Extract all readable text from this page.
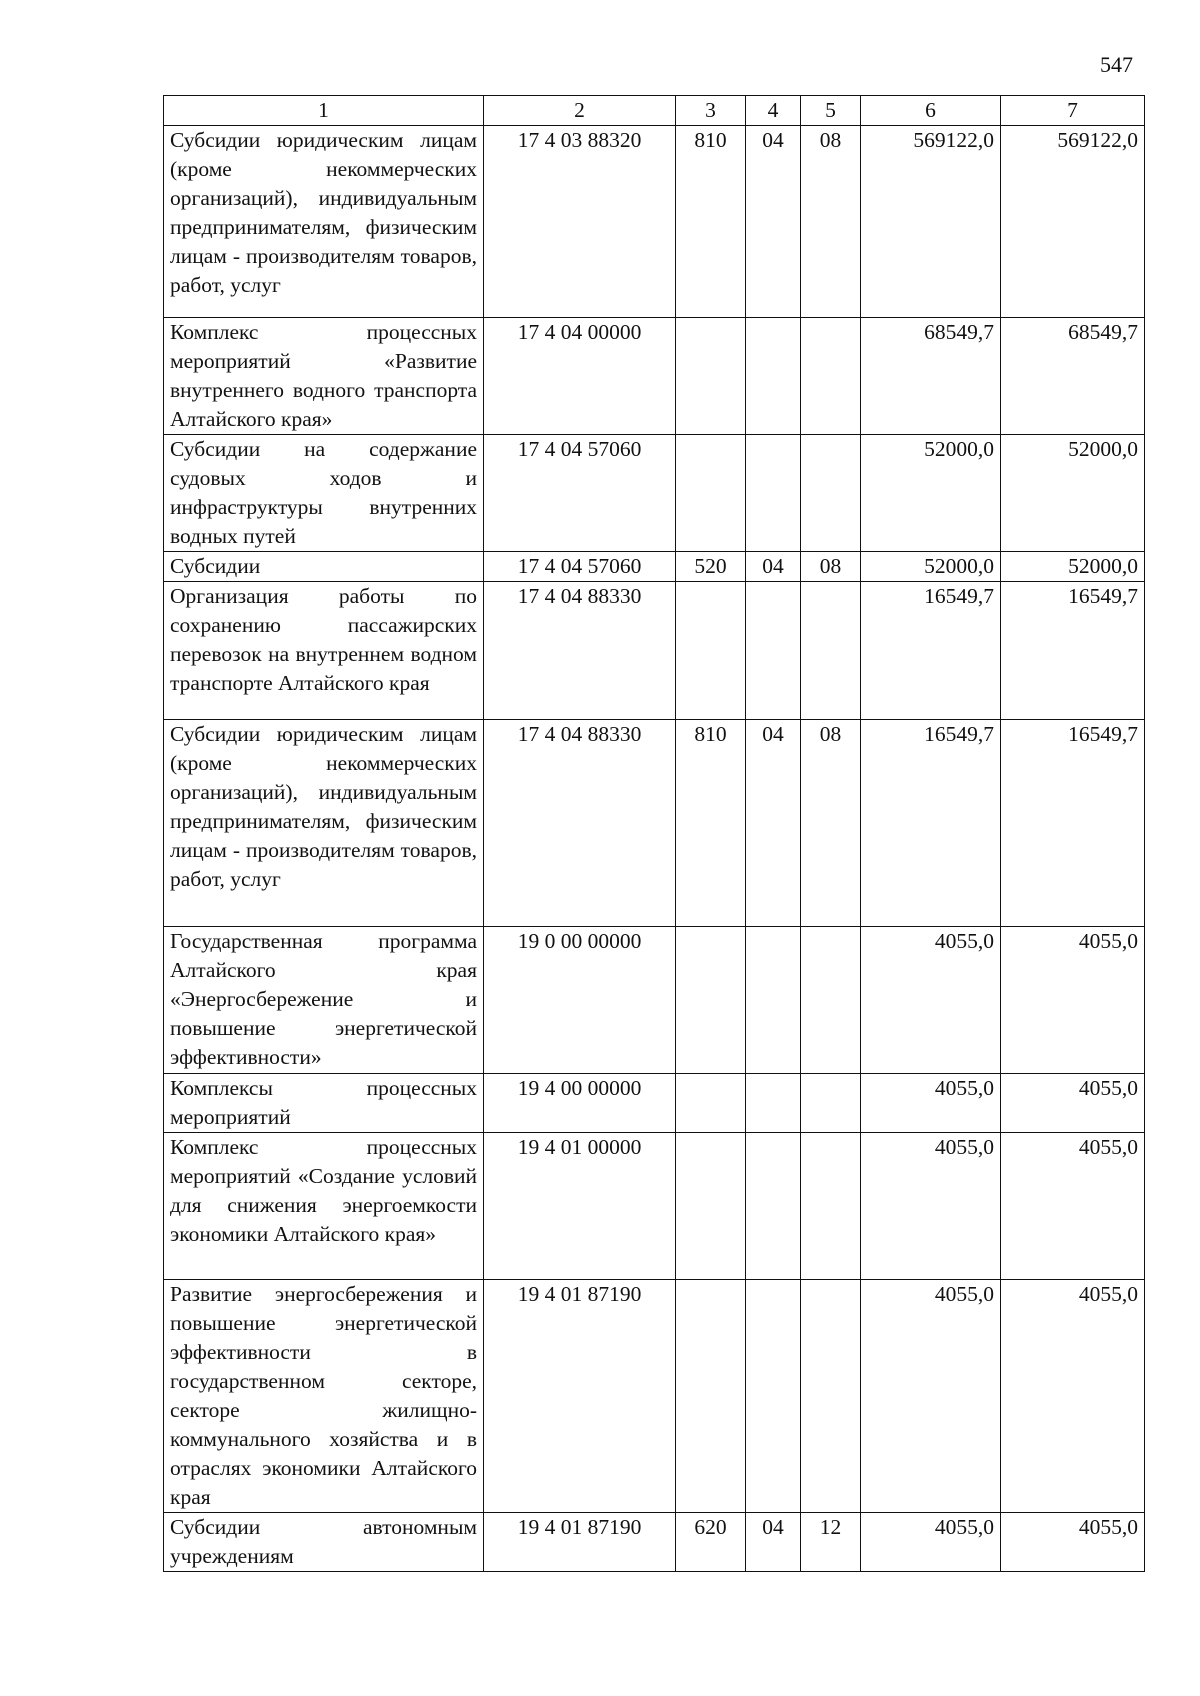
547
1	2	3	4	5	6	7
Субсидии юридическим лицам (кроме некоммерческих организаций), индивидуальным предпринимателям, физическим лицам - производителям товаров, работ, услуг	17 4 03 88320	810	04	08	569122,0	569122,0
Комплекс процессных мероприятий «Развитие внутреннего водного транспорта Алтайского края»	17 4 04 00000				68549,7	68549,7
Субсидии на содержание судовых ходов и инфраструктуры внутренних водных путей	17 4 04 57060				52000,0	52000,0
Субсидии	17 4 04 57060	520	04	08	52000,0	52000,0
Организация работы по сохранению пассажирских перевозок на внутреннем водном транспорте Алтайского края	17 4 04 88330				16549,7	16549,7
Субсидии юридическим лицам (кроме некоммерческих организаций), индивидуальным предпринимателям, физическим лицам - производителям товаров, работ, услуг	17 4 04 88330	810	04	08	16549,7	16549,7
Государственная программа Алтайского края «Энергосбережение и повышение энергетической эффективности»	19 0 00 00000				4055,0	4055,0
Комплексы процессных мероприятий	19 4 00 00000				4055,0	4055,0
Комплекс процессных мероприятий «Создание условий для снижения энергоемкости экономики Алтайского края»	19 4 01 00000				4055,0	4055,0
Развитие энергосбережения и повышение энергетической эффективности в государственном секторе, секторе жилищно-коммунального хозяйства и в отраслях экономики Алтайского края	19 4 01 87190				4055,0	4055,0
Субсидии автономным учреждениям	19 4 01 87190	620	04	12	4055,0	4055,0
